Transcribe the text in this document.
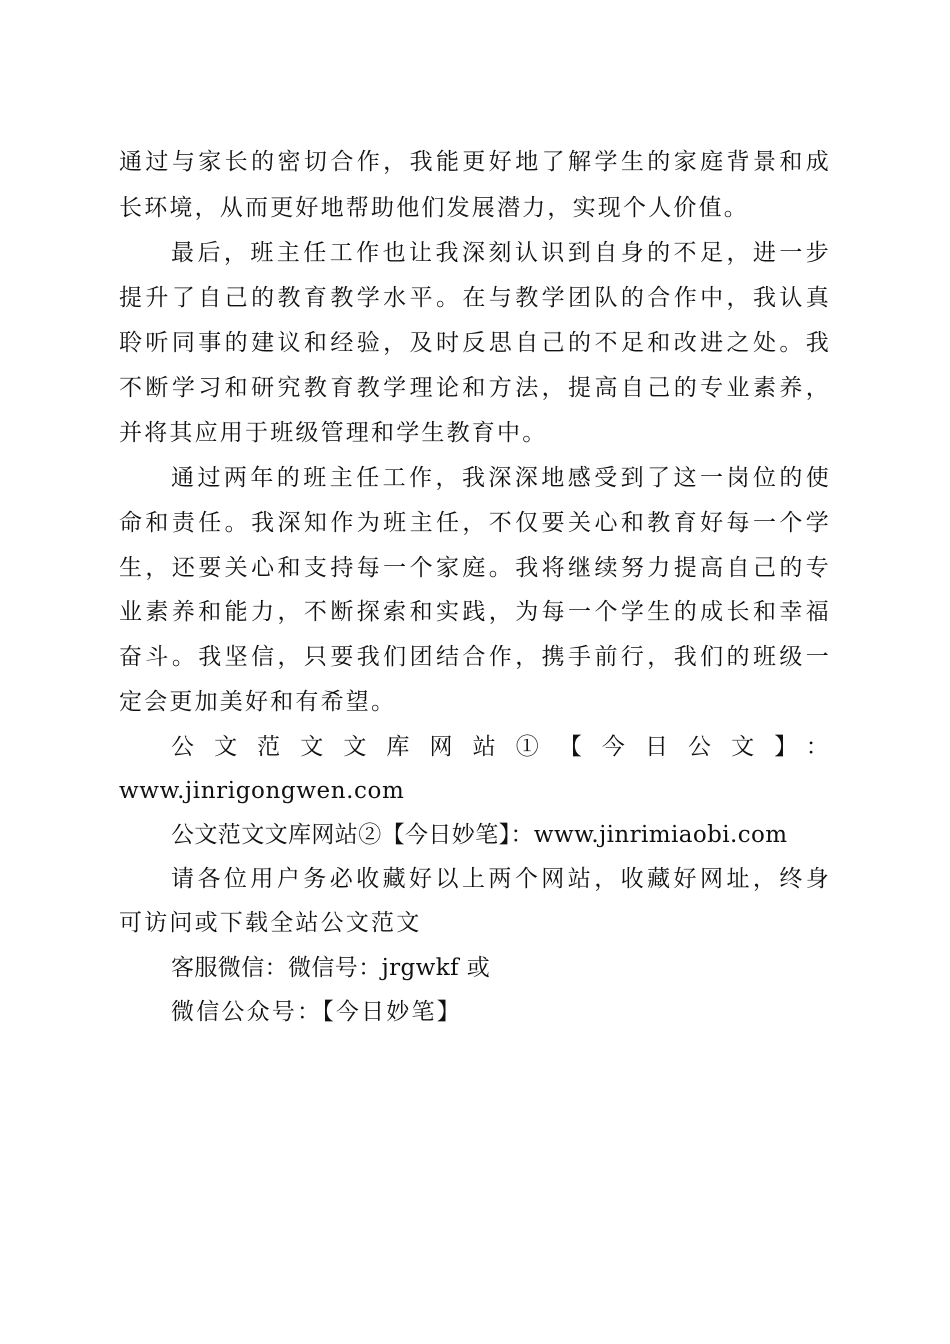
通过与家长的密切合作，我能更好地了解学生的家庭背景和成
长环境，从而更好地帮助他们发展潜力，实现个人价值。
最后，班主任工作也让我深刻认识到自身的不足，进一步
提升了自己的教育教学水平。在与教学团队的合作中，我认真
聆听同事的建议和经验，及时反思自己的不足和改进之处。我
不断学习和研究教育教学理论和方法，提高自己的专业素养，
并将其应用于班级管理和学生教育中。
通过两年的班主任工作，我深深地感受到了这一岗位的使
命和责任。我深知作为班主任，不仅要关心和教育好每一个学
生，还要关心和支持每一个家庭。我将继续努力提高自己的专
业素养和能力，不断探索和实践，为每一个学生的成长和幸福
奋斗。我坚信，只要我们团结合作，携手前行，我们的班级一
定会更加美好和有希望。
公文范文文库网站①【今日公文】：
www.jinrigongwen.com
公文范文文库网站②【今日妙笔】：www.jinrimiaobi.com
请各位用户务必收藏好以上两个网站，收藏好网址，终身
可访问或下载全站公文范文
客服微信：微信号：jrgwkf 或
微信公众号：【今日妙笔】
